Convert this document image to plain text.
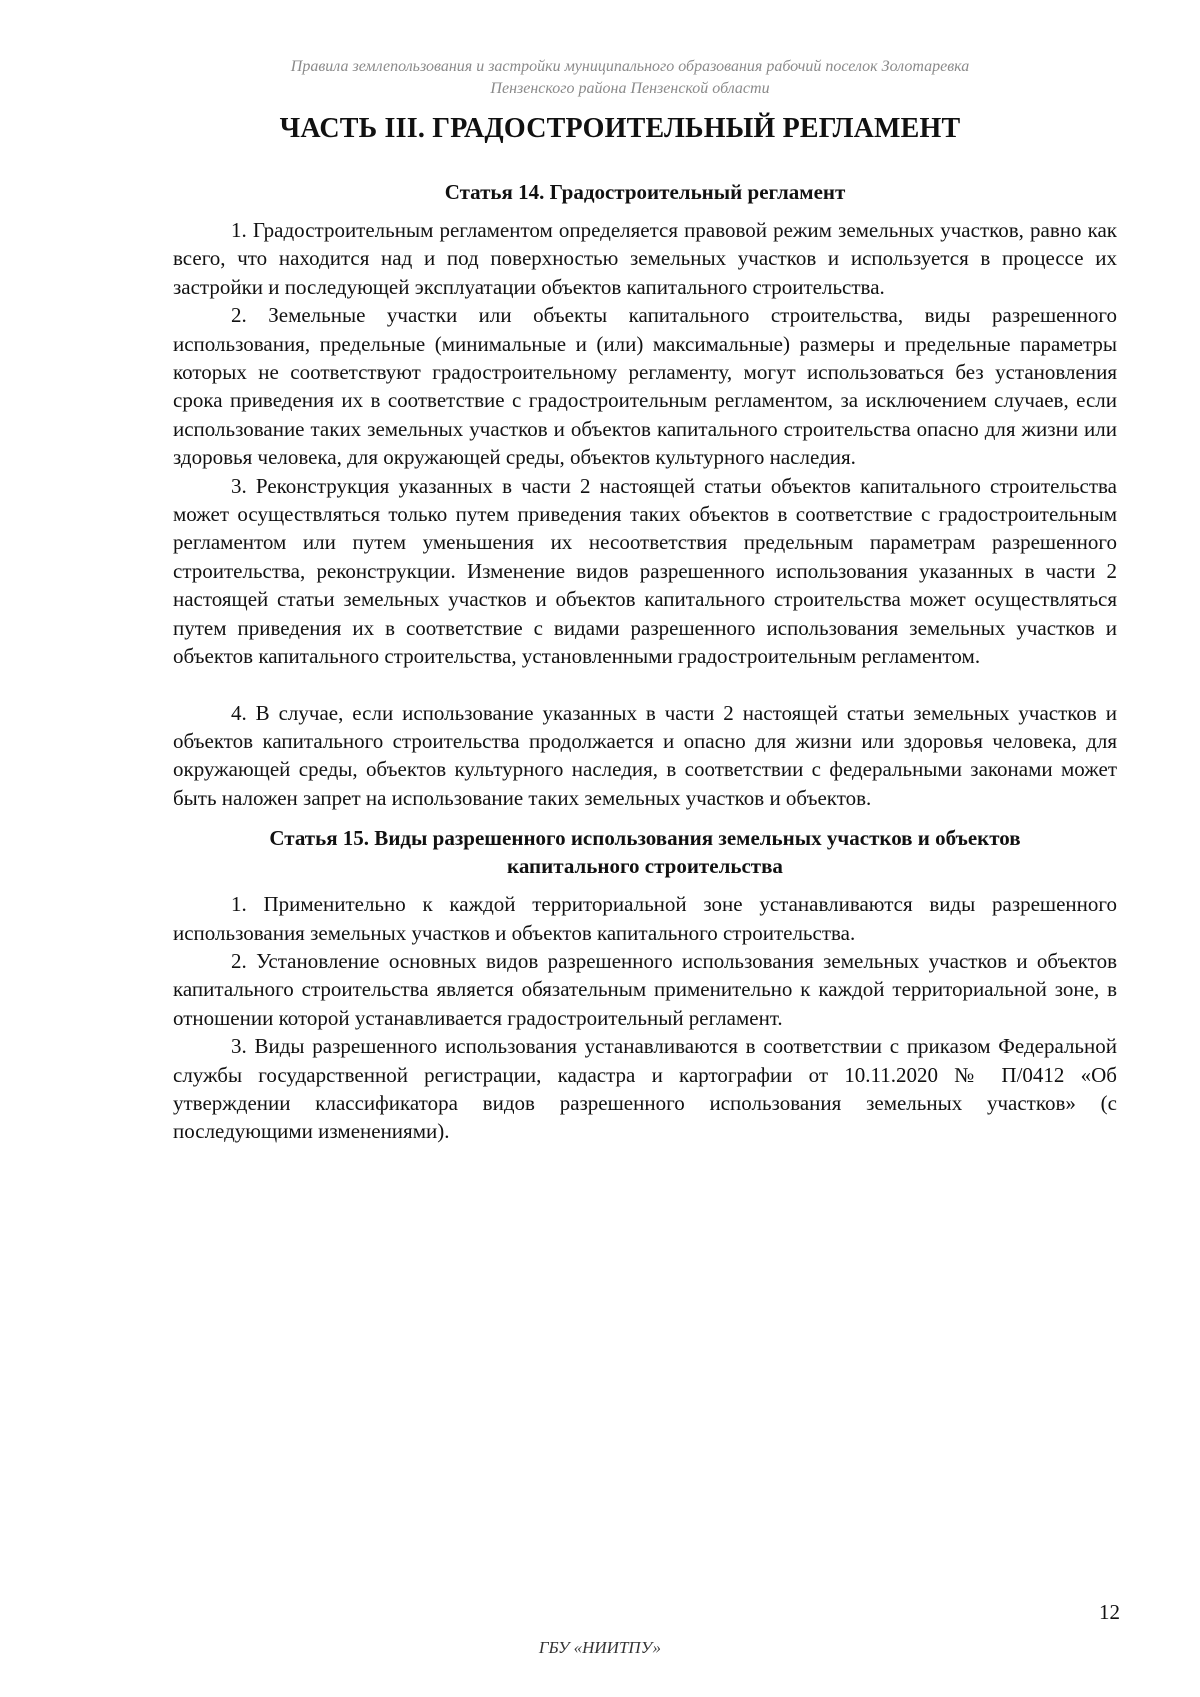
Правила землепользования и застройки муниципального образования рабочий поселок Золотаревка
Пензенского района Пензенской области
ЧАСТЬ III. ГРАДОСТРОИТЕЛЬНЫЙ РЕГЛАМЕНТ
Статья 14. Градостроительный регламент

1. Градостроительным регламентом определяется правовой режим земельных участков, равно как всего, что находится над и под поверхностью земельных участков и используется в процессе их застройки и последующей эксплуатации объектов капитального строительства.

2. Земельные участки или объекты капитального строительства, виды разрешенного использования, предельные (минимальные и (или) максимальные) размеры и предельные параметры которых не соответствуют градостроительному регламенту, могут использоваться без установления срока приведения их в соответствие с градостроительным регламентом, за исключением случаев, если использование таких земельных участков и объектов капитального строительства опасно для жизни или здоровья человека, для окружающей среды, объектов культурного наследия.

3. Реконструкция указанных в части 2 настоящей статьи объектов капитального строительства может осуществляться только путем приведения таких объектов в соответствие с градостроительным регламентом или путем уменьшения их несоответствия предельным параметрам разрешенного строительства, реконструкции. Изменение видов разрешенного использования указанных в части 2 настоящей статьи земельных участков и объектов капитального строительства может осуществляться путем приведения их в соответствие с видами разрешенного использования земельных участков и объектов капитального строительства, установленными градостроительным регламентом.

4. В случае, если использование указанных в части 2 настоящей статьи земельных участков и объектов капитального строительства продолжается и опасно для жизни или здоровья человека, для окружающей среды, объектов культурного наследия, в соответствии с федеральными законами может быть наложен запрет на использование таких земельных участков и объектов.

Статья 15. Виды разрешенного использования земельных участков и объектов
капитального строительства

1. Применительно к каждой территориальной зоне устанавливаются виды разрешенного использования земельных участков и объектов капитального строительства.

2. Установление основных видов разрешенного использования земельных участков и объектов капитального строительства является обязательным применительно к каждой территориальной зоне, в отношении которой устанавливается градостроительный регламент.

3. Виды разрешенного использования устанавливаются в соответствии с приказом Федеральной службы государственной регистрации, кадастра и картографии от 10.11.2020 № П/0412 «Об утверждении классификатора видов разрешенного использования земельных участков» (с последующими изменениями).

12
ГБУ «НИИТПУ»
